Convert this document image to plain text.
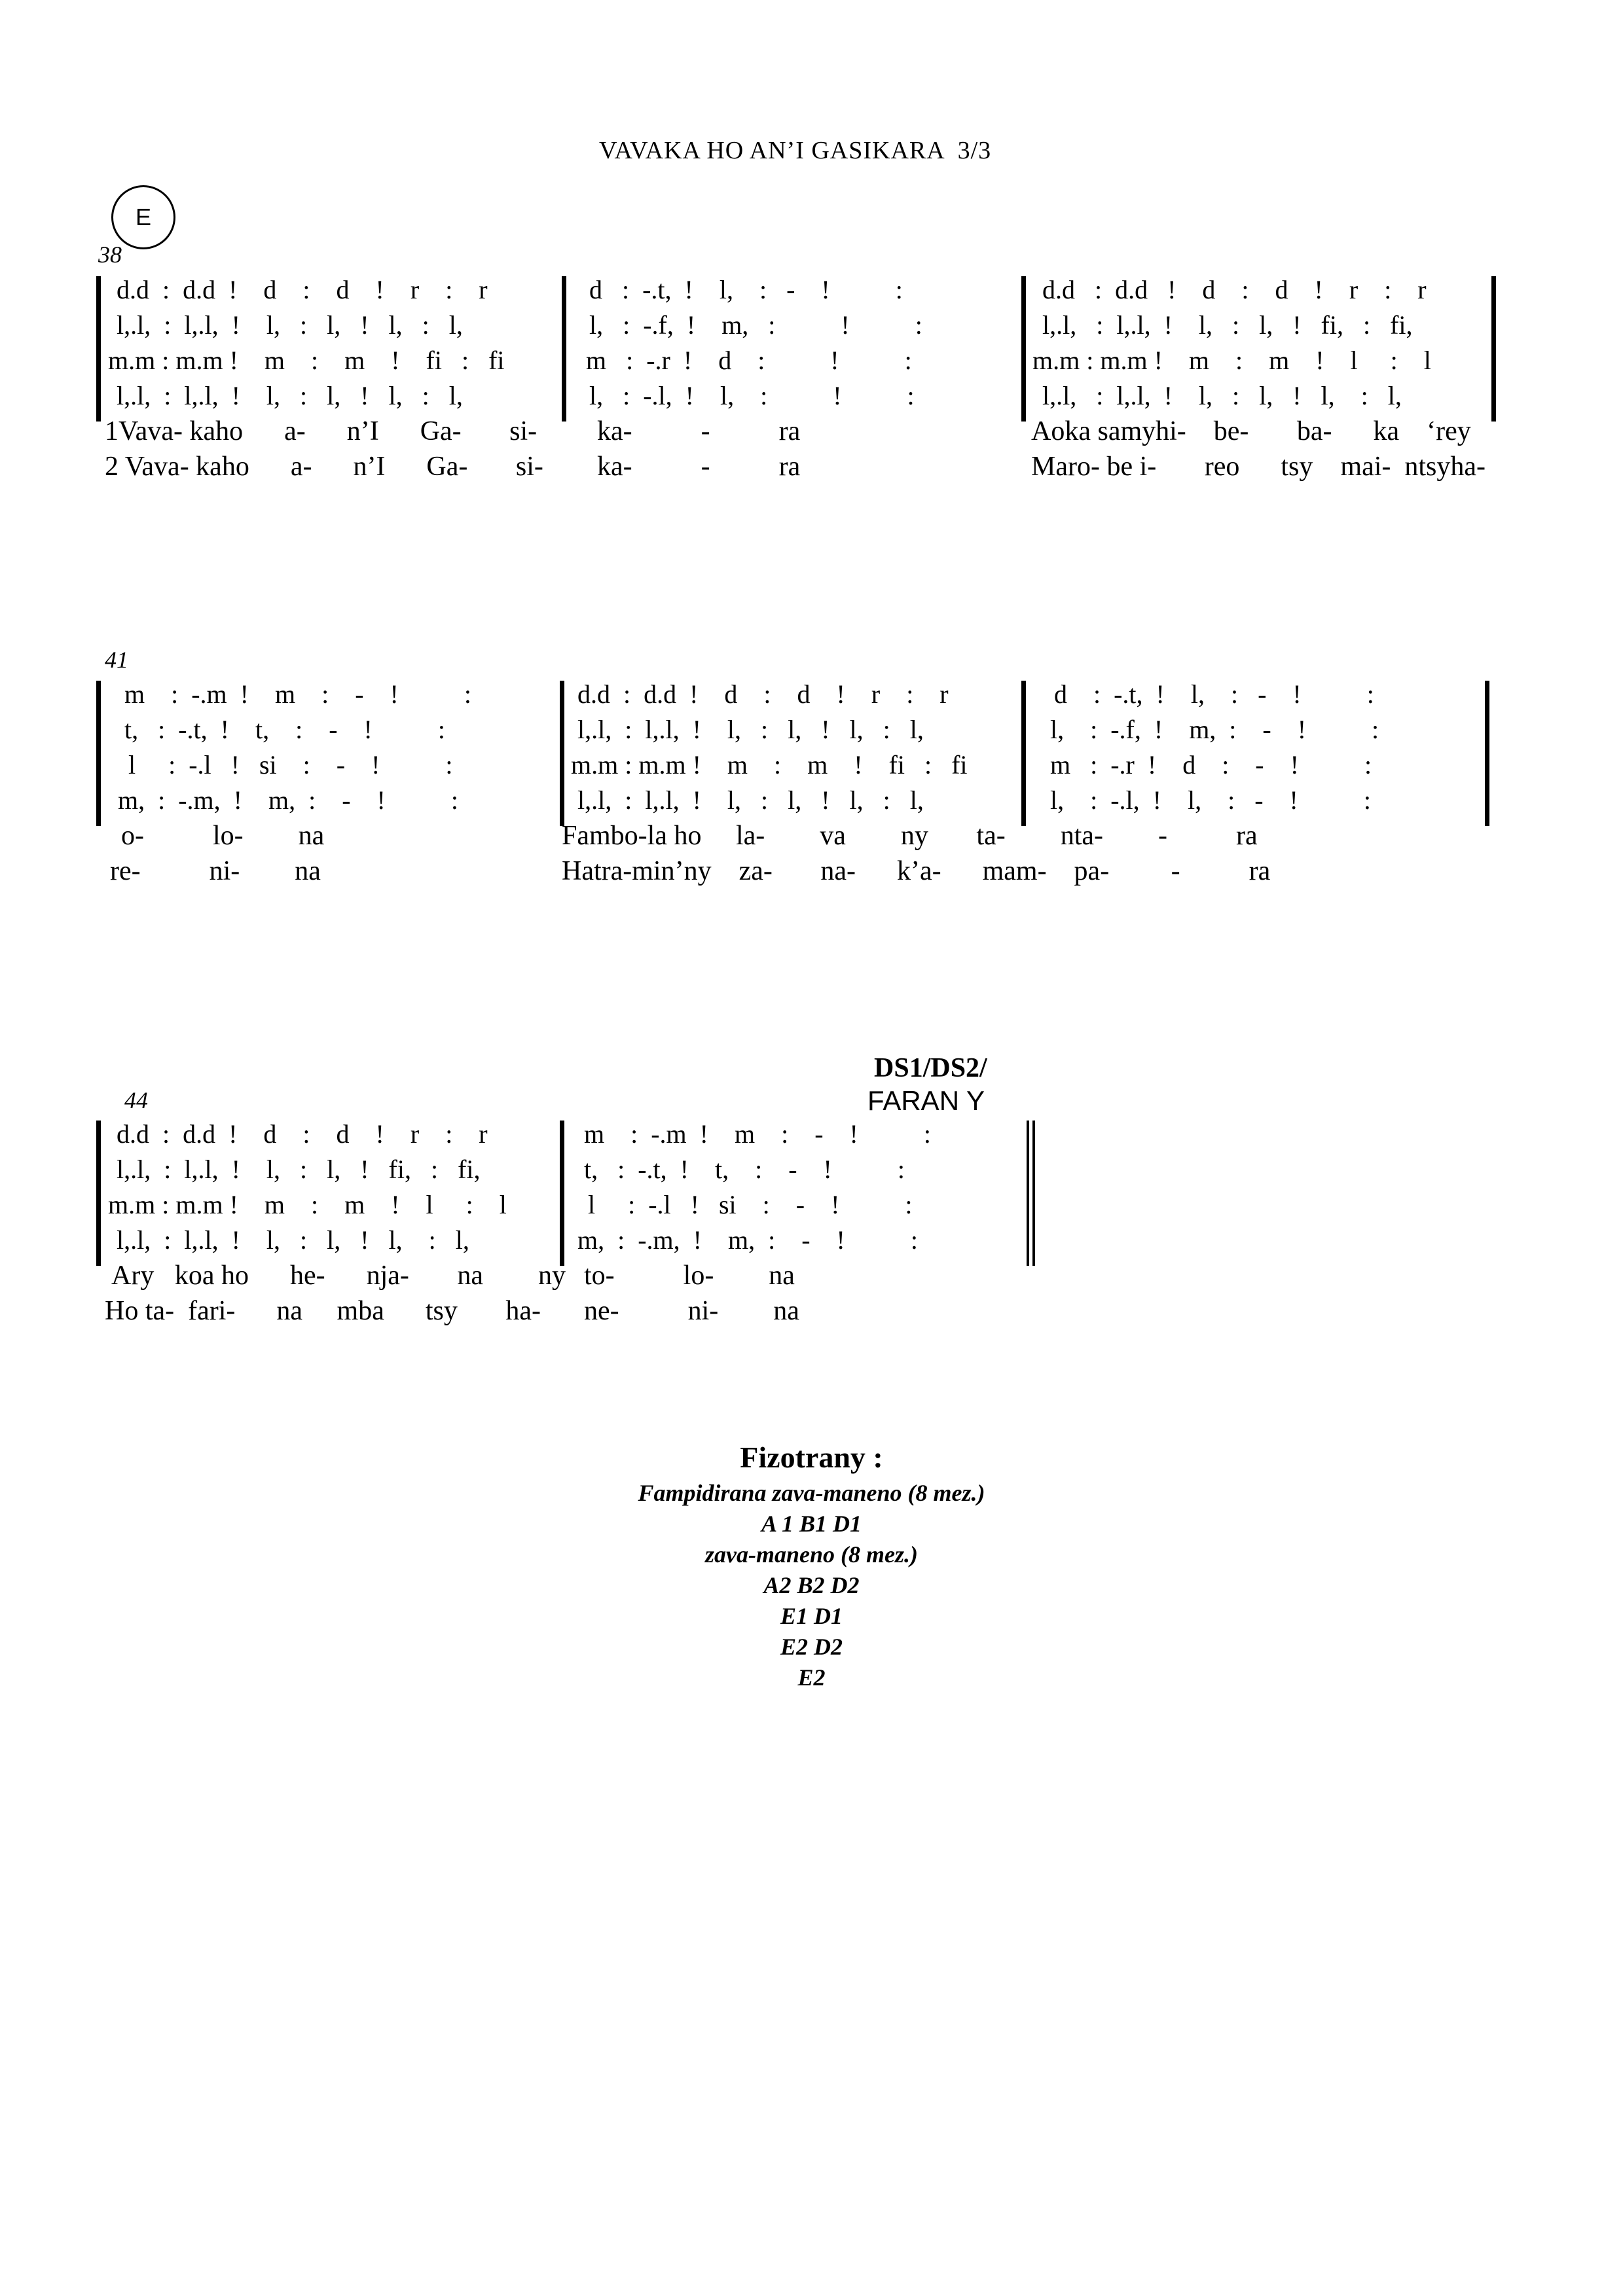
VAVAKA HO AN’I GASIKARA  3/3
E
38
d.d  :  d.d  !    d    :    d    !    r    :    r
l,.l,  :  l,.l,  !    l,   :   l,   !   l,   :   l,
m.m : m.m !    m    :    m    !    fi   :   fi
l,.l,  :  l,.l,  !    l,   :   l,   !   l,   :   l,
1Vava- kaho      a-      n’I      Ga-       si-
2 Vava- kaho      a-      n’I      Ga-       si-
d   :  -.t,  !    l,    :   -    !          :
l,   :  -.f,  !    m,   :          !          :
m   :  -.r  !    d    :          !          :
l,   :  -.l,  !    l,    :          !          :
ka-          -          ra
ka-          -          ra
d.d   :  d.d   !    d    :    d    !    r    :    r
l,.l,   :  l,.l,  !    l,   :   l,   !   fi,   :   fi,
m.m : m.m !    m    :    m    !    l     :    l
l,.l,   :  l,.l,  !    l,   :   l,   !   l,    :   l,
Aoka samyhi-    be-       ba-      ka    ‘rey
Maro- be i-       reo      tsy    mai-  ntsyha-
41
m    :  -.m  !    m    :    -    !          :
t,   :  -.t,  !    t,    :    -    !          :
l     :  -.l   !   si    :    -    !          :
m,  :  -.m,  !    m,  :    -    !          :
o-          lo-        na
re-          ni-        na
d.d  :  d.d  !    d    :    d    !    r    :    r
l,.l,  :  l,.l,  !    l,   :   l,   !   l,   :   l,
m.m : m.m !    m    :    m    !    fi   :   fi
l,.l,  :  l,.l,  !    l,   :   l,   !   l,   :   l,
Fambo-la ho     la-        va        ny       ta-        nta-        -          ra
Hatra-min’ny    za-       na-      k’a-      mam-    pa-         -          ra
d    :  -.t,  !    l,    :   -    !          :
l,    :  -.f,  !    m,  :    -    !          :
m   :  -.r  !    d    :    -    !          :
l,    :  -.l,  !    l,    :   -    !          :
DS1/DS2/
FARAN Y
44
d.d  :  d.d  !    d    :    d    !    r    :    r
l,.l,  :  l,.l,  !    l,   :   l,   !   fi,   :   fi,
m.m : m.m !    m    :    m    !    l     :    l
l,.l,  :  l,.l,  !    l,   :   l,   !   l,    :   l,
Ary   koa ho      he-      nja-       na        ny
Ho ta-  fari-      na     mba      tsy       ha-
m    :  -.m  !    m    :    -    !          :
t,   :  -.t,  !    t,    :    -    !          :
l     :  -.l   !   si    :    -    !          :
m,  :  -.m,  !    m,  :    -    !          :
to-          lo-        na
ne-          ni-        na
Fizotrany :
Fampidirana zava-maneno (8 mez.)
A 1 B1 D1
zava-maneno (8 mez.)
A2 B2 D2
E1 D1
E2 D2
E2
